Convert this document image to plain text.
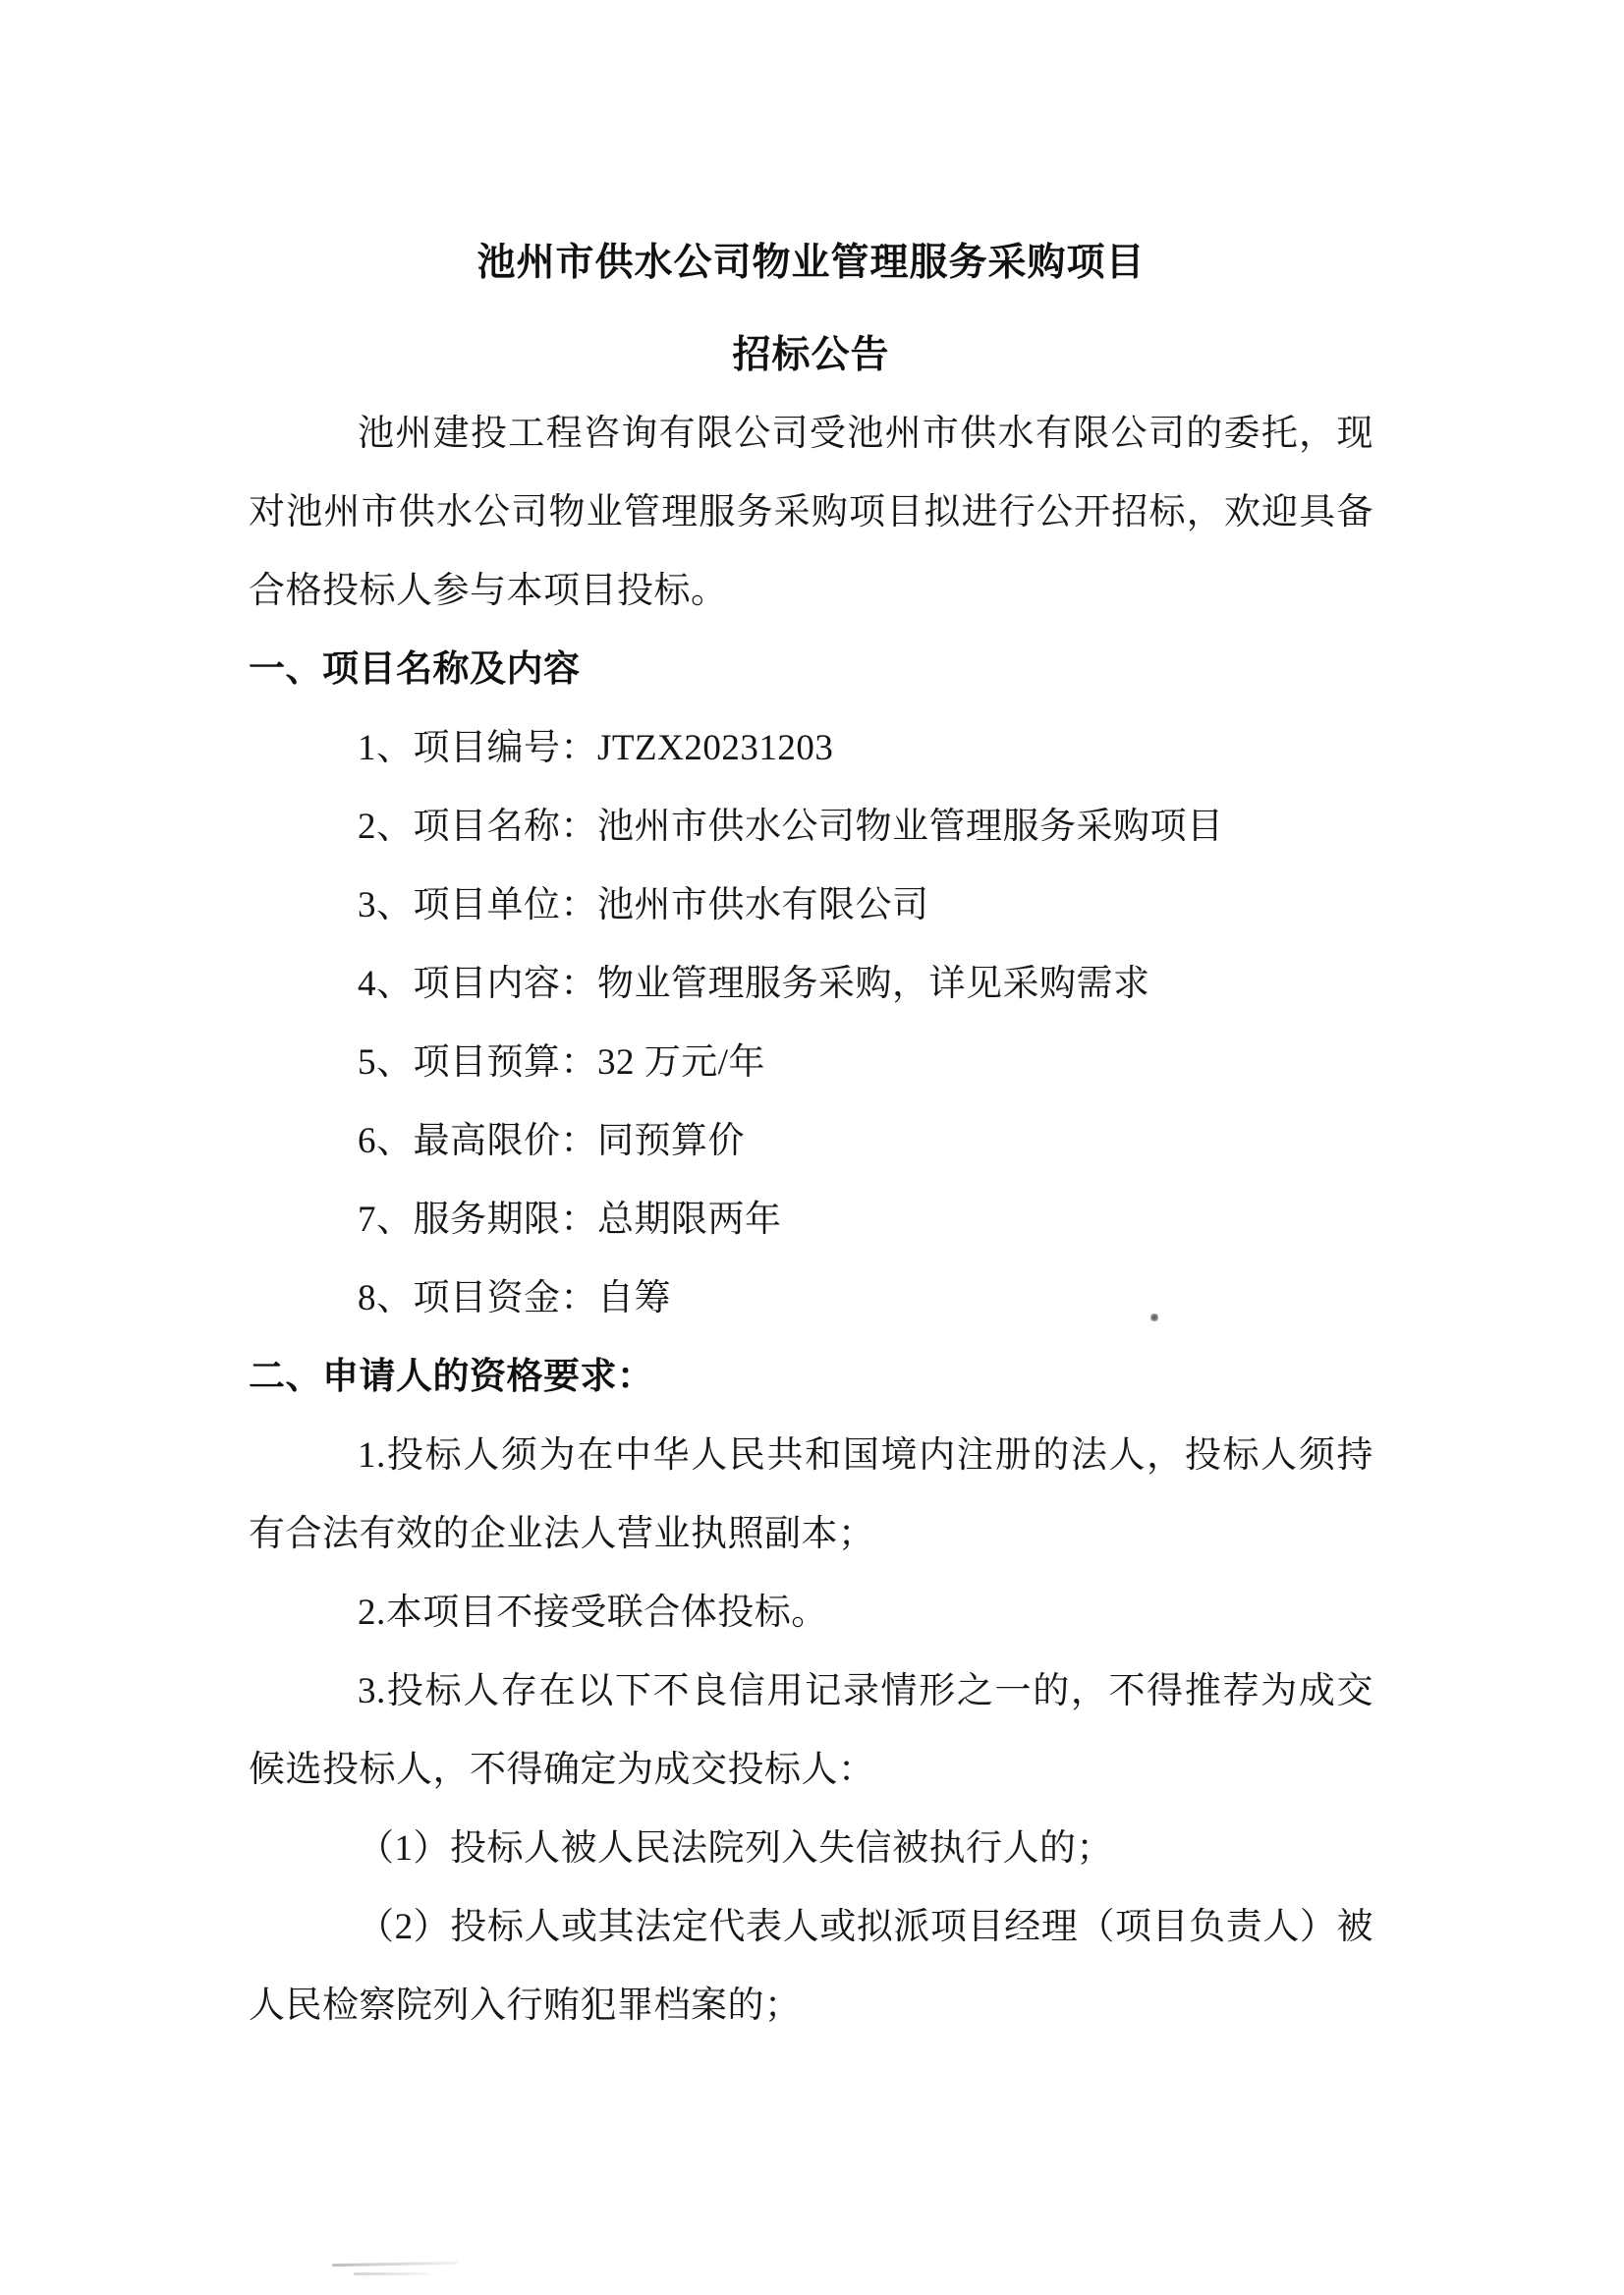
池州市供水公司物业管理服务采购项目
招标公告

池州建投工程咨询有限公司受池州市供水有限公司的委托，现对池州市供水公司物业管理服务采购项目拟进行公开招标，欢迎具备合格投标人参与本项目投标。

一、项目名称及内容

1、项目编号：JTZX20231203

2、项目名称：池州市供水公司物业管理服务采购项目

3、项目单位：池州市供水有限公司

4、项目内容：物业管理服务采购，详见采购需求

5、项目预算：32 万元/年

6、最高限价：同预算价

7、服务期限：总期限两年

8、项目资金：自筹

二、申请人的资格要求：

1.投标人须为在中华人民共和国境内注册的法人，投标人须持有合法有效的企业法人营业执照副本；

2.本项目不接受联合体投标。

3.投标人存在以下不良信用记录情形之一的，不得推荐为成交候选投标人，不得确定为成交投标人：

（1）投标人被人民法院列入失信被执行人的；

（2）投标人或其法定代表人或拟派项目经理（项目负责人）被人民检察院列入行贿犯罪档案的；
